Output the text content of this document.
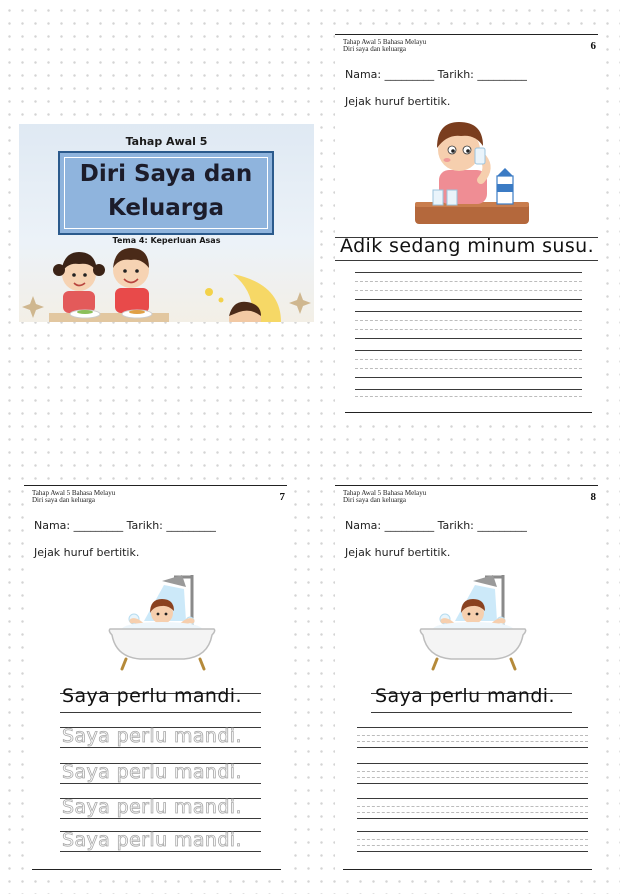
Tahap Awal 5
Diri Saya dan
Keluarga
Tema 4: Keperluan Asas
Tahap Awal 5 Bahasa Melayu
Diri saya dan keluarga	6
Nama: _________ Tarikh: _________
Jejak huruf bertitik.
Adik sedang minum susu.
Tahap Awal 5 Bahasa Melayu
Diri saya dan keluarga	7
Nama: _________ Tarikh: _________
Jejak huruf bertitik.
Saya perlu mandi.
Saya perlu mandi.
Saya perlu mandi.
Saya perlu mandi.
Saya perlu mandi.
Tahap Awal 5 Bahasa Melayu
Diri saya dan keluarga	8
Nama: _________ Tarikh: _________
Jejak huruf bertitik.
Saya perlu mandi.
